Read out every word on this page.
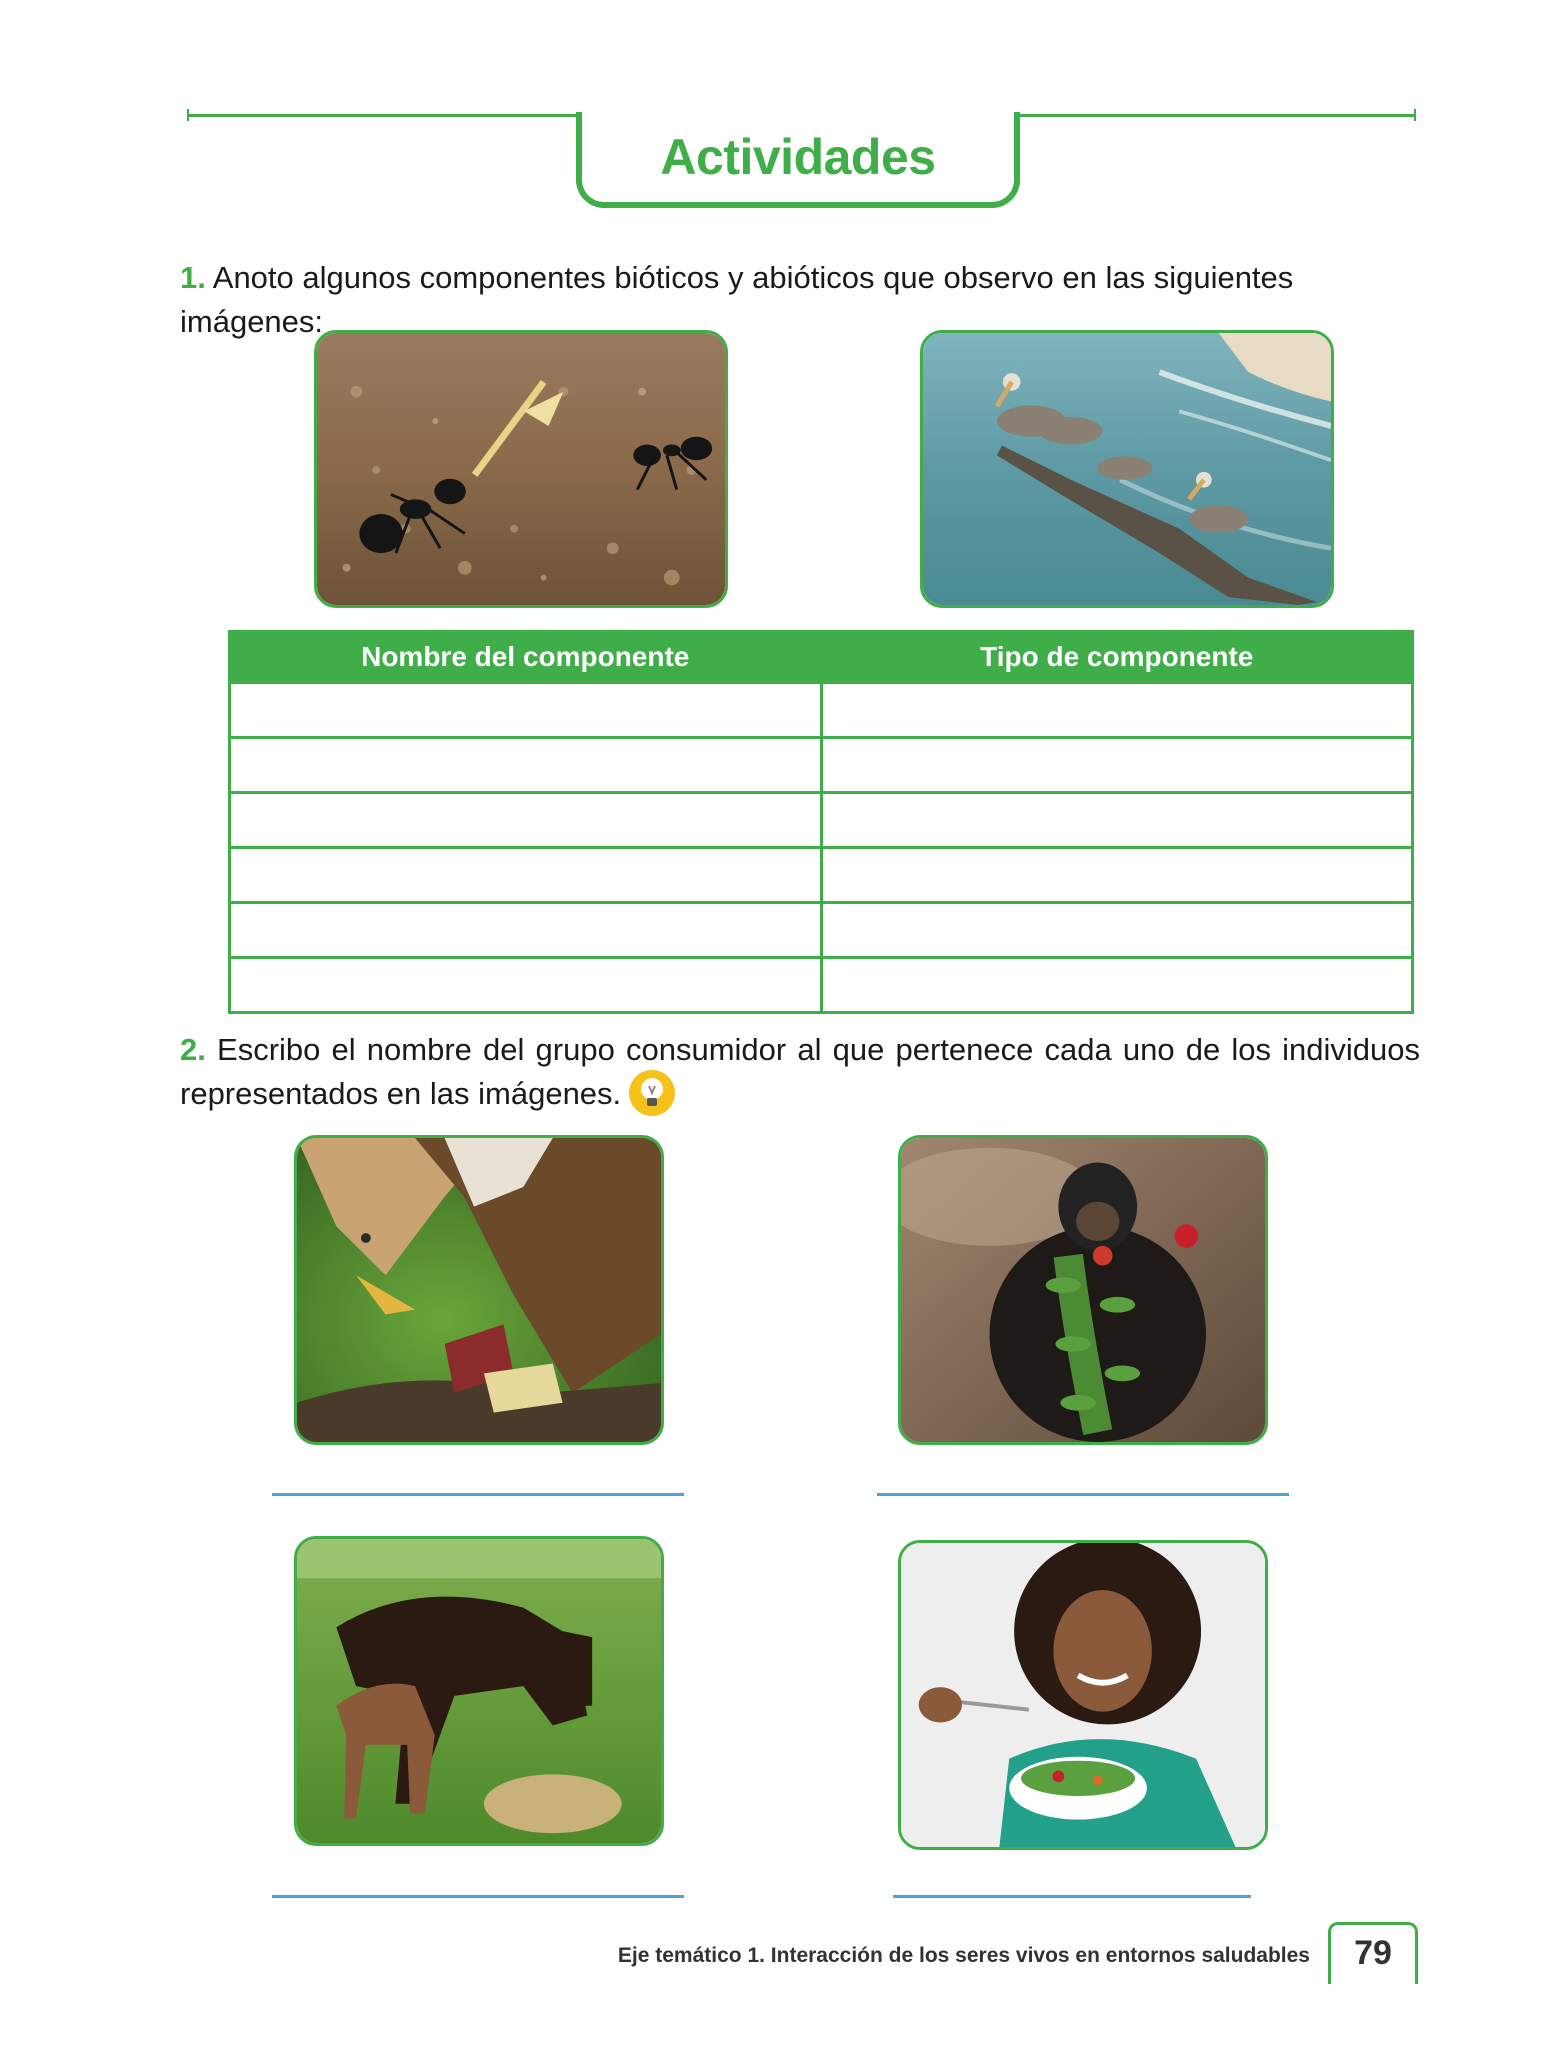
Actividades
1. Anoto algunos componentes bióticos y abióticos que observo en las siguientes imágenes:
Nombre del componente	Tipo de componente

2. Escribo el nombre del grupo consumidor al que pertenece cada uno de los individuos representados en las imágenes.
Eje temático 1. Interacción de los seres vivos en entornos saludables	79
